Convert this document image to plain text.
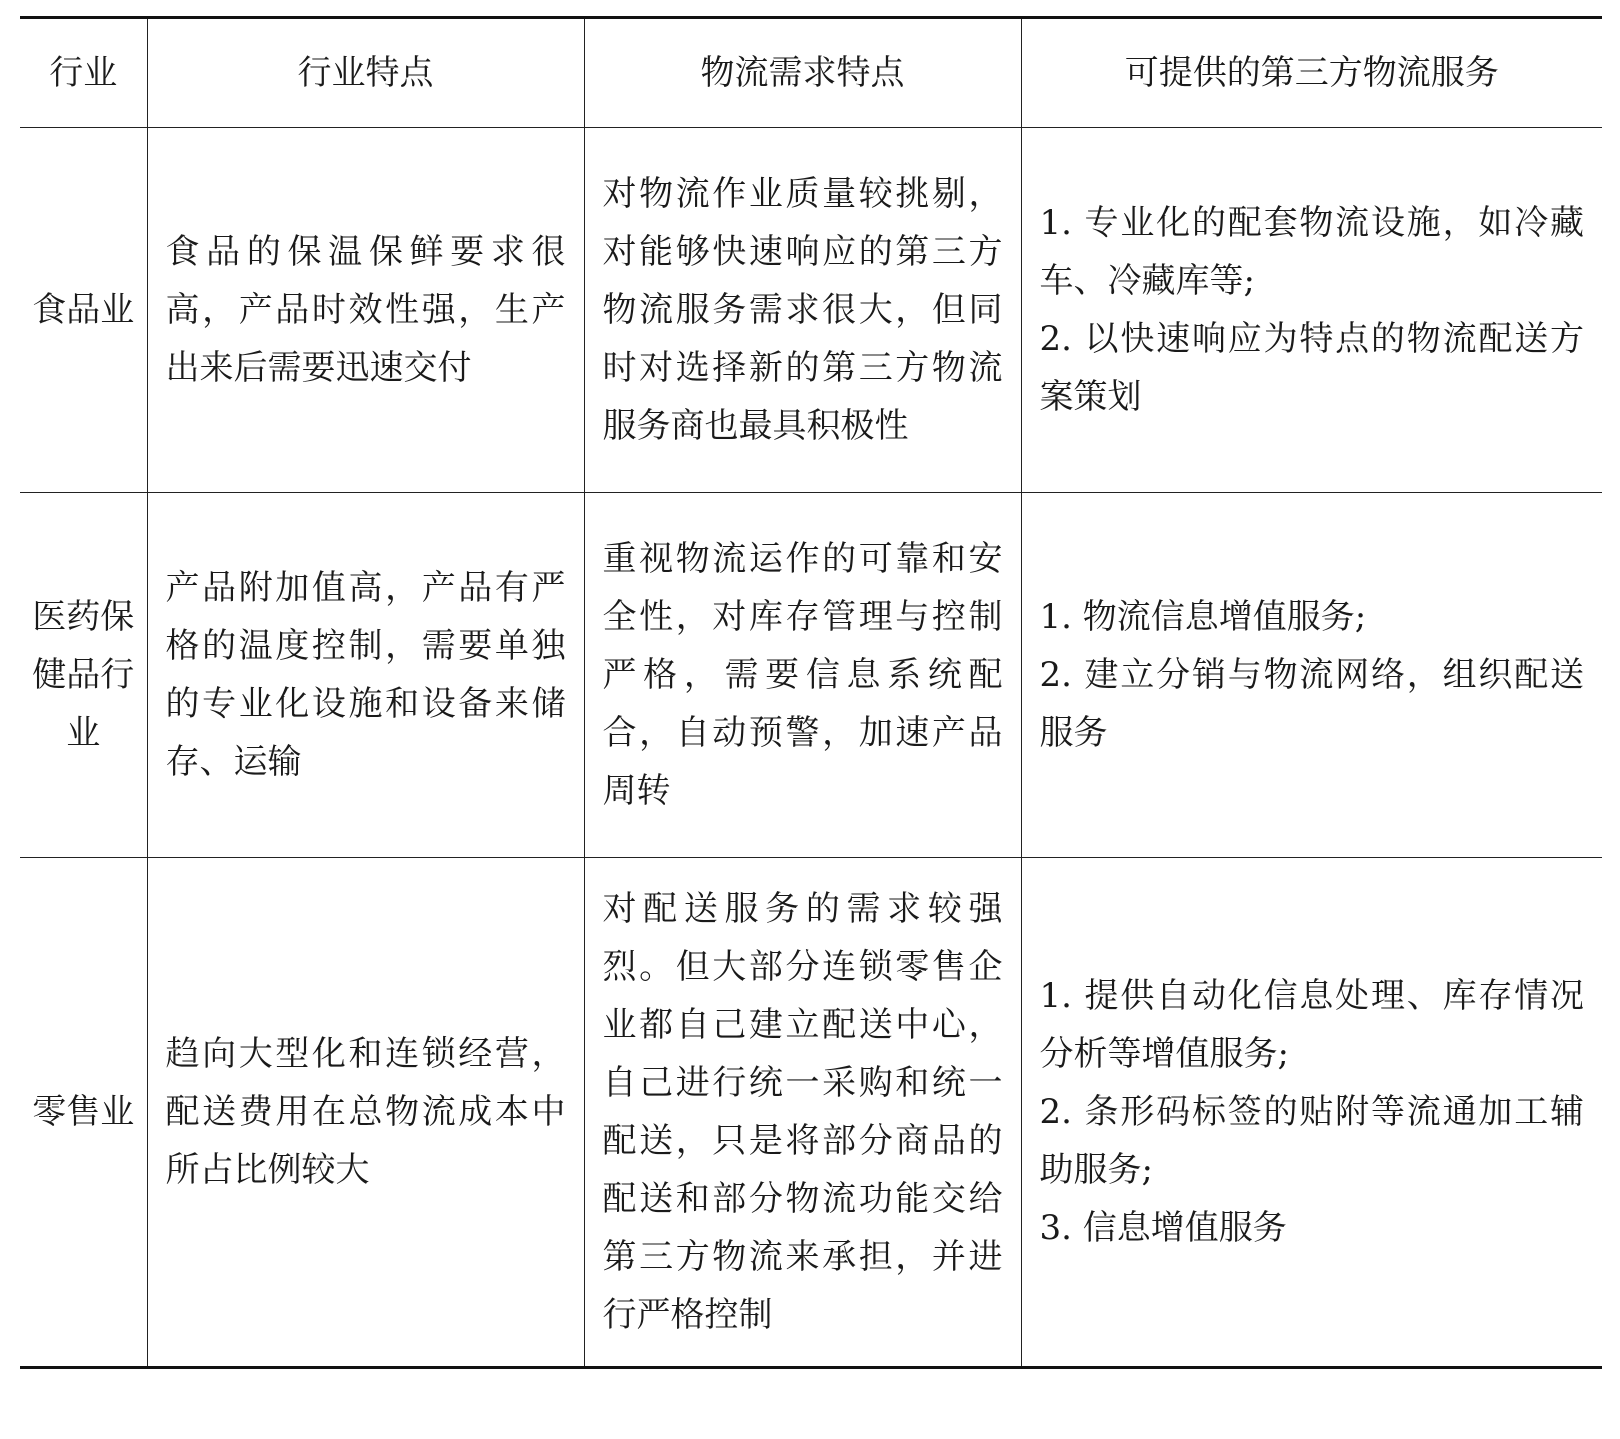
行业	行业特点	物流需求特点	可提供的第三方物流服务
食品业	食品的保温保鲜要求很高，产品时效性强，生产出来后需要迅速交付	对物流作业质量较挑剔，对能够快速响应的第三方物流服务需求很大，但同时对选择新的第三方物流服务商也最具积极性	1. 专业化的配套物流设施，如冷藏车、冷藏库等;
2. 以快速响应为特点的物流配送方案策划

医药保健品行业	产品附加值高，产品有严格的温度控制，需要单独的专业化设施和设备来储存、运输	重视物流运作的可靠和安全性，对库存管理与控制严格，需要信息系统配合，自动预警，加速产品周转	1. 物流信息增值服务;
2. 建立分销与物流网络，组织配送服务

零售业	趋向大型化和连锁经营，配送费用在总物流成本中所占比例较大	对配送服务的需求较强烈。但大部分连锁零售企业都自己建立配送中心，自己进行统一采购和统一配送，只是将部分商品的配送和部分物流功能交给第三方物流来承担，并进行严格控制	1. 提供自动化信息处理、库存情况分析等增值服务;
2. 条形码标签的贴附等流通加工辅助服务;
3. 信息增值服务
